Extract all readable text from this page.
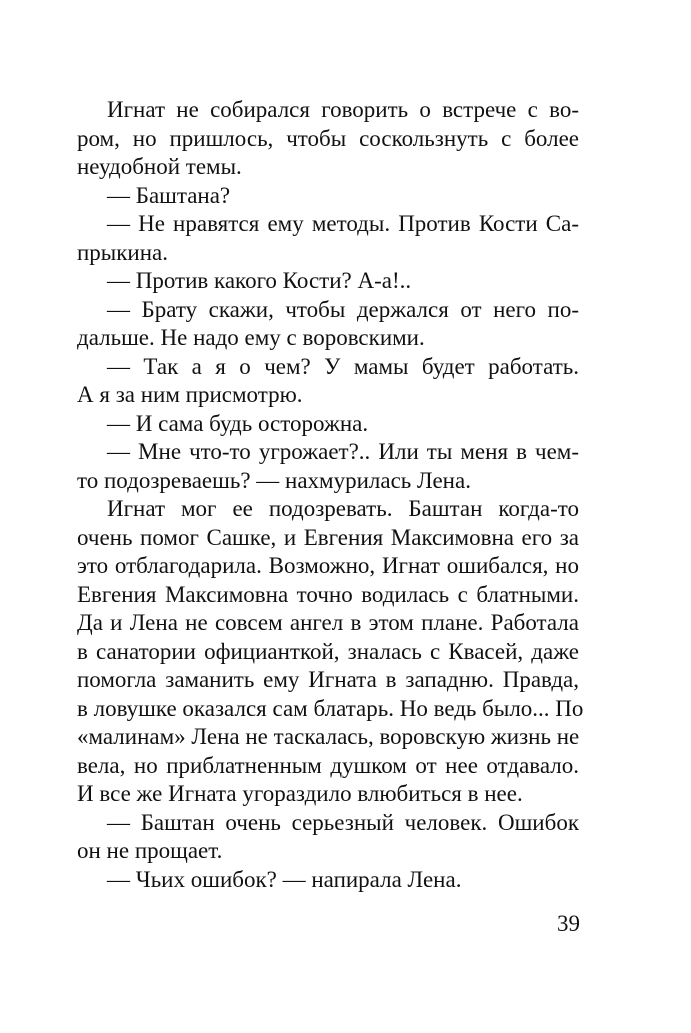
Игнат не собирался говорить о встрече с во-
ром, но пришлось, чтобы соскользнуть с более
неудобной темы.
— Баштана?
— Не нравятся ему методы. Против Кости Са-
прыкина.
— Против какого Кости? А-а!..
— Брату скажи, чтобы держался от него по-
дальше. Не надо ему с воровскими.
— Так а я о чем? У мамы будет работать.
А я за ним присмотрю.
— И сама будь осторожна.
— Мне что-то угрожает?.. Или ты меня в чем-
то подозреваешь? — нахмурилась Лена.
Игнат мог ее подозревать. Баштан когда-то
очень помог Сашке, и Евгения Максимовна его за
это отблагодарила. Возможно, Игнат ошибался, но
Евгения Максимовна точно водилась с блатными.
Да и Лена не совсем ангел в этом плане. Работала
в санатории официанткой, зналась с Квасей, даже
помогла заманить ему Игната в западню. Правда,
в ловушке оказался сам блатарь. Но ведь было... По
«малинам» Лена не таскалась, воровскую жизнь не
вела, но приблатненным душком от нее отдавало.
И все же Игната угораздило влюбиться в нее.
— Баштан очень серьезный человек. Ошибок
он не прощает.
— Чьих ошибок? — напирала Лена.
39
